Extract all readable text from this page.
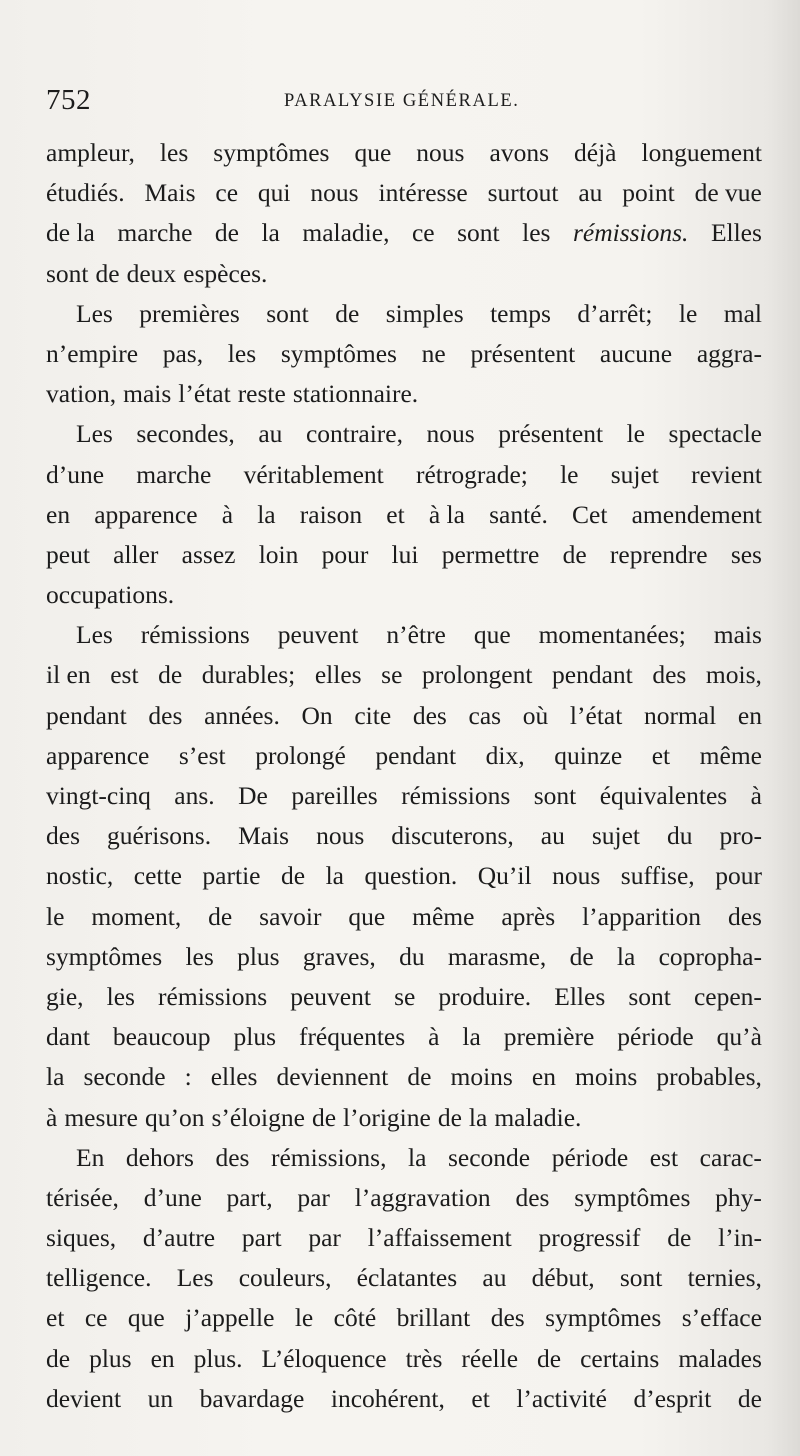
752	PARALYSIE GÉNÉRALE.
ampleur, les symptômes que nous avons déjà longuement
étudiés. Mais ce qui nous intéresse surtout au point de vue
de la marche de la maladie, ce sont les rémissions. Elles
sont de deux espèces.
Les premières sont de simples temps d’arrêt; le mal
n’empire pas, les symptômes ne présentent aucune aggra-
vation, mais l’état reste stationnaire.
Les secondes, au contraire, nous présentent le spectacle
d’une marche véritablement rétrograde; le sujet revient
en apparence à la raison et à la santé. Cet amendement
peut aller assez loin pour lui permettre de reprendre ses
occupations.
Les rémissions peuvent n’être que momentanées; mais
il en est de durables; elles se prolongent pendant des mois,
pendant des années. On cite des cas où l’état normal en
apparence s’est prolongé pendant dix, quinze et même
vingt-cinq ans. De pareilles rémissions sont équivalentes à
des guérisons. Mais nous discuterons, au sujet du pro-
nostic, cette partie de la question. Qu’il nous suffise, pour
le moment, de savoir que même après l’apparition des
symptômes les plus graves, du marasme, de la copropha-
gie, les rémissions peuvent se produire. Elles sont cepen-
dant beaucoup plus fréquentes à la première période qu’à
la seconde : elles deviennent de moins en moins probables,
à mesure qu’on s’éloigne de l’origine de la maladie.
En dehors des rémissions, la seconde période est carac-
térisée, d’une part, par l’aggravation des symptômes phy-
siques, d’autre part par l’affaissement progressif de l’in-
telligence. Les couleurs, éclatantes au début, sont ternies,
et ce que j’appelle le côté brillant des symptômes s’efface
de plus en plus. L’éloquence très réelle de certains malades
devient un bavardage incohérent, et l’activité d’esprit de
